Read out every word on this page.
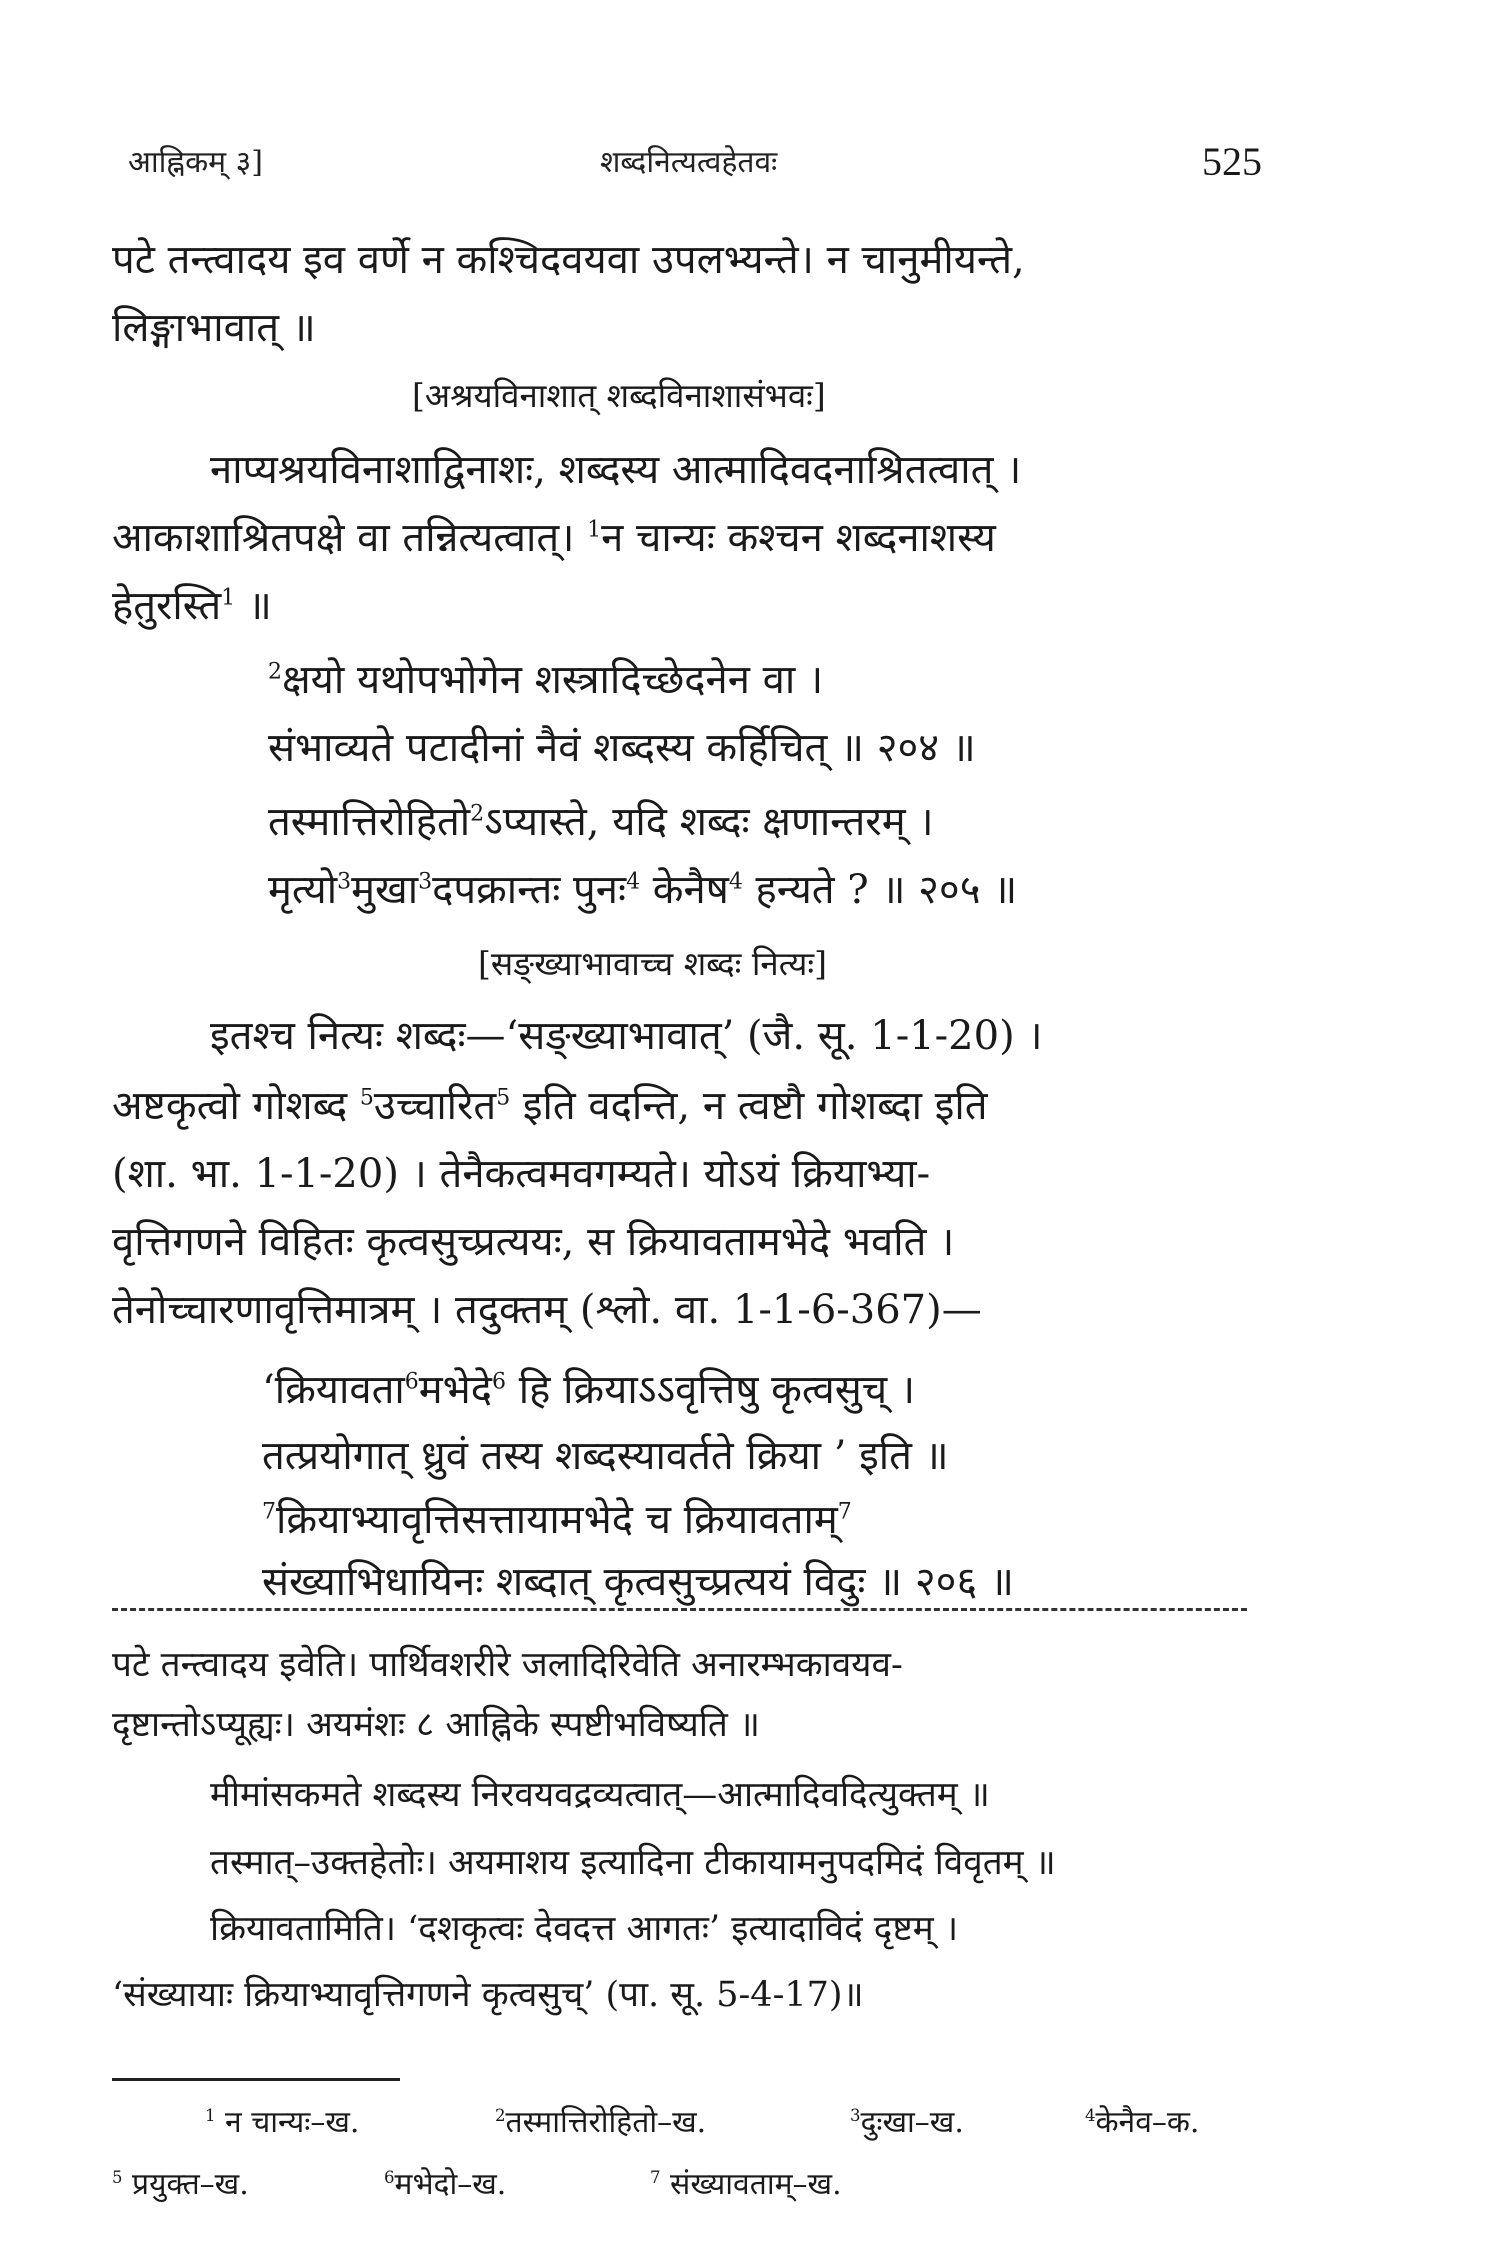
आह्निकम् ३]	शब्दनित्यत्वहेतवः	525
पटे तन्त्वादय इव वर्णे न कश्चिदवयवा उपलभ्यन्ते। न चानुमीयन्ते,
लिङ्गाभावात् ॥
[अश्रयविनाशात् शब्दविनाशासंभवः]
नाप्यश्रयविनाशाद्विनाशः, शब्दस्य आत्मादिवदनाश्रितत्वात् ।
आकाशाश्रितपक्षे वा तन्नित्यत्वात्। $^1$न चान्यः कश्चन शब्दनाशस्य
हेतुरस्ति$^1$ ॥
$^2$क्षयो यथोपभोगेन शस्त्रादिच्छेदनेन वा ।
संभाव्यते पटादीनां नैवं शब्दस्य कर्हिचित् ॥ २०४ ॥
तस्मात्तिरोहितो$^2$ऽप्यास्ते, यदि शब्दः क्षणान्तरम् ।
मृत्यो$^3$मुखा$^3$दपक्रान्तः पुनः$^4$ केनैष$^4$ हन्यते ? ॥ २०५ ॥
[सङ्ख्याभावाच्च शब्दः नित्यः]
इतश्च नित्यः शब्दः—‘सङ्ख्याभावात्’ (जै. सू. 1-1-20) ।
अष्टकृत्वो गोशब्द $^5$उच्चारित$^5$ इति वदन्ति, न त्वष्टौ गोशब्दा इति
(शा. भा. 1-1-20) । तेनैकत्वमवगम्यते। योऽयं क्रियाभ्या-
वृत्तिगणने विहितः कृत्वसुच्प्रत्ययः, स क्रियावतामभेदे भवति ।
तेनोच्चारणावृत्तिमात्रम् । तदुक्तम् (श्लो. वा. 1-1-6-367)—
‘क्रियावता$^6$मभेदे$^6$ हि क्रियाऽऽवृत्तिषु कृत्वसुच् ।
तत्प्रयोगात् ध्रुवं तस्य शब्दस्यावर्तते क्रिया ’ इति ॥
$^7$क्रियाभ्यावृत्तिसत्तायामभेदे च क्रियावताम्$^7$
संख्याभिधायिनः शब्दात् कृत्वसुच्प्रत्ययं विदुः ॥ २०६ ॥
पटे तन्त्वादय इवेति। पार्थिवशरीरे जलादिरिवेति अनारम्भकावयव-
दृष्टान्तोऽप्यूह्यः। अयमंशः ८ आह्निके स्पष्टीभविष्यति ॥
मीमांसकमते शब्दस्य निरवयवद्रव्यत्वात्—आत्मादिवदित्युक्तम् ॥
तस्मात्–उक्तहेतोः। अयमाशय इत्यादिना टीकायामनुपदमिदं विवृतम् ॥
क्रियावतामिति। ‘दशकृत्वः देवदत्त आगतः’ इत्यादाविदं दृष्टम् ।
‘संख्यायाः क्रियाभ्यावृत्तिगणने कृत्वसुच्’ (पा. सू. 5-4-17)॥
$^1$ न चान्यः–ख.	$^2$तस्मात्तिरोहितो–ख.	$^3$दुःखा–ख.	$^4$केनैव–क.
$^5$ प्रयुक्त–ख.	$^6$मभेदो–ख.	$^7$ संख्यावताम्–ख.
